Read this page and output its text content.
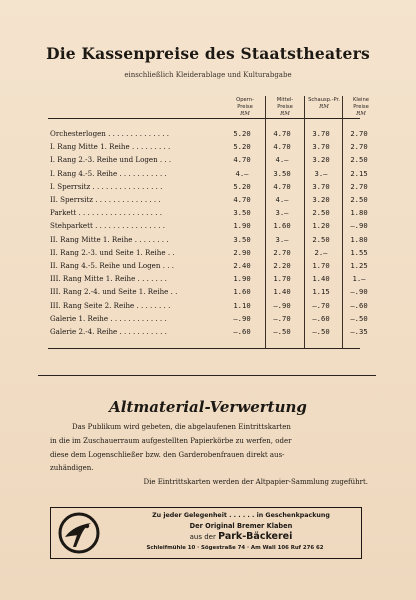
Die Kassenpreise des Staatstheaters
einschließlich Kleiderablage und Kulturabgabe
Opern-Preise
RM
Mittel-Preise
RM
Schausp.-Pr.
RM
Kleine Preise
RM
Orchesterlogen . . . . . . . . . . . . . .	5.20	4.70	3.70	2.70
I. Rang Mitte 1. Reihe . . . . . . . . .	5.20	4.70	3.70	2.70
I. Rang 2.-3. Reihe und Logen . . .	4.70	4.—	3.20	2.50
I. Rang 4.-5. Reihe . . . . . . . . . . .	4.—	3.50	3.—	2.15
I. Sperrsitz . . . . . . . . . . . . . . . .	5.20	4.70	3.70	2.70
II. Sperrsitz . . . . . . . . . . . . . . .	4.70	4.—	3.20	2.50
Parkett . . . . . . . . . . . . . . . . . . .	3.50	3.—	2.50	1.80
Stehparkett . . . . . . . . . . . . . . . .	1.90	1.60	1.20	—.90
II. Rang Mitte 1. Reihe . . . . . . . .	3.50	3.—	2.50	1.80
II. Rang 2.-3. und Seite 1. Reihe . .	2.90	2.70	2.—	1.55
II. Rang 4.-5. Reihe und Logen . . .	2.40	2.20	1.70	1.25
III. Rang Mitte 1. Reihe . . . . . . .	1.90	1.70	1.40	1.—
III. Rang 2.-4. und Seite 1. Reihe . .	1.60	1.40	1.15	—.90
III. Rang Seite 2. Reihe . . . . . . . .	1.10	—.90	—.70	—.60
Galerie 1. Reihe . . . . . . . . . . . . .	—.90	—.70	—.60	—.50
Galerie 2.-4. Reihe . . . . . . . . . . .	—.60	—.50	—.50	—.35
Altmaterial-Verwertung
Das Publikum wird gebeten, die abgelaufenen Eintrittskarten
in die im Zuschauerraum aufgestellten Papierkörbe zu werfen, oder
diese dem Logenschließer bzw. den Garderobenfrauen direkt aus-
zuhändigen.
Die Eintrittskarten werden der Altpapier-Sammlung zugeführt.
Zu jeder Gelegenheit . . . . . . in Geschenkpackung
Der Original Bremer Klaben
aus der Park-Bäckerei
Schleifmühle 10 · Sögestraße 74 · Am Wall 106 Ruf 276 62
